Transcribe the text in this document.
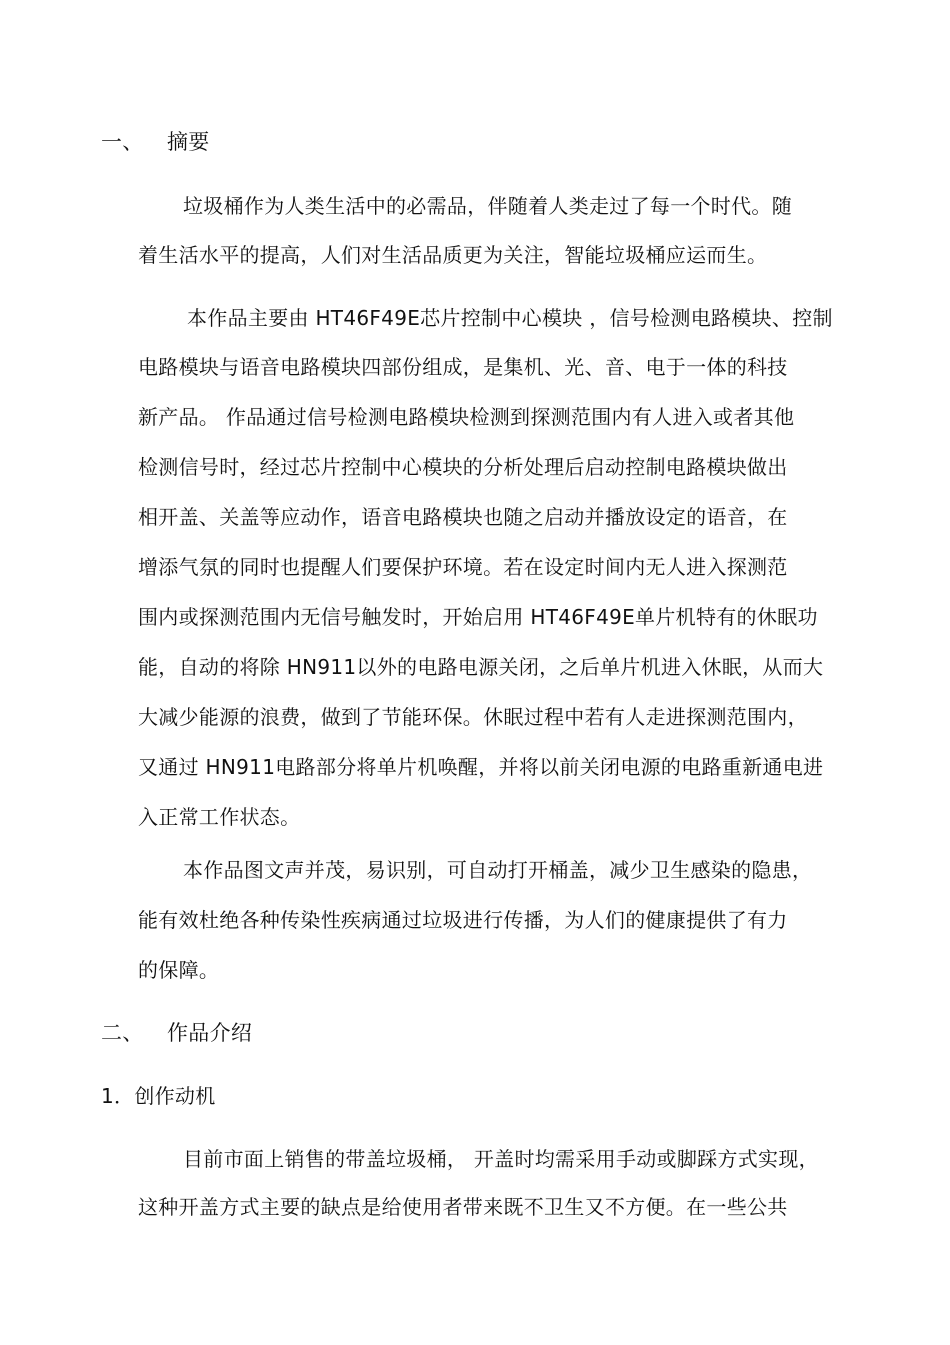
一、 摘要
垃圾桶作为人类生活中的必需品，伴随着人类走过了每一个时代。随
着生活水平的提高，人们对生活品质更为关注，智能垃圾桶应运而生。
本作品主要由 HT46F49E芯片控制中心模块 ，信号检测电路模块、控制
电路模块与语音电路模块四部份组成，是集机、光、音、电于一体的科技
新产品。 作品通过信号检测电路模块检测到探测范围内有人进入或者其他
检测信号时，经过芯片控制中心模块的分析处理后启动控制电路模块做出
相开盖、关盖等应动作，语音电路模块也随之启动并播放设定的语音，在
增添气氛的同时也提醒人们要保护环境。若在设定时间内无人进入探测范
围内或探测范围内无信号触发时，开始启用 HT46F49E单片机特有的休眠功
能，自动的将除 HN911以外的电路电源关闭，之后单片机进入休眠，从而大
大减少能源的浪费，做到了节能环保。休眠过程中若有人走进探测范围内，
又通过 HN911电路部分将单片机唤醒，并将以前关闭电源的电路重新通电进
入正常工作状态。
本作品图文声并茂，易识别，可自动打开桶盖，减少卫生感染的隐患，
能有效杜绝各种传染性疾病通过垃圾进行传播，为人们的健康提供了有力
的保障。
二、 作品介绍
1．创作动机
目前市面上销售的带盖垃圾桶， 开盖时均需采用手动或脚踩方式实现，
这种开盖方式主要的缺点是给使用者带来既不卫生又不方便。在一些公共
